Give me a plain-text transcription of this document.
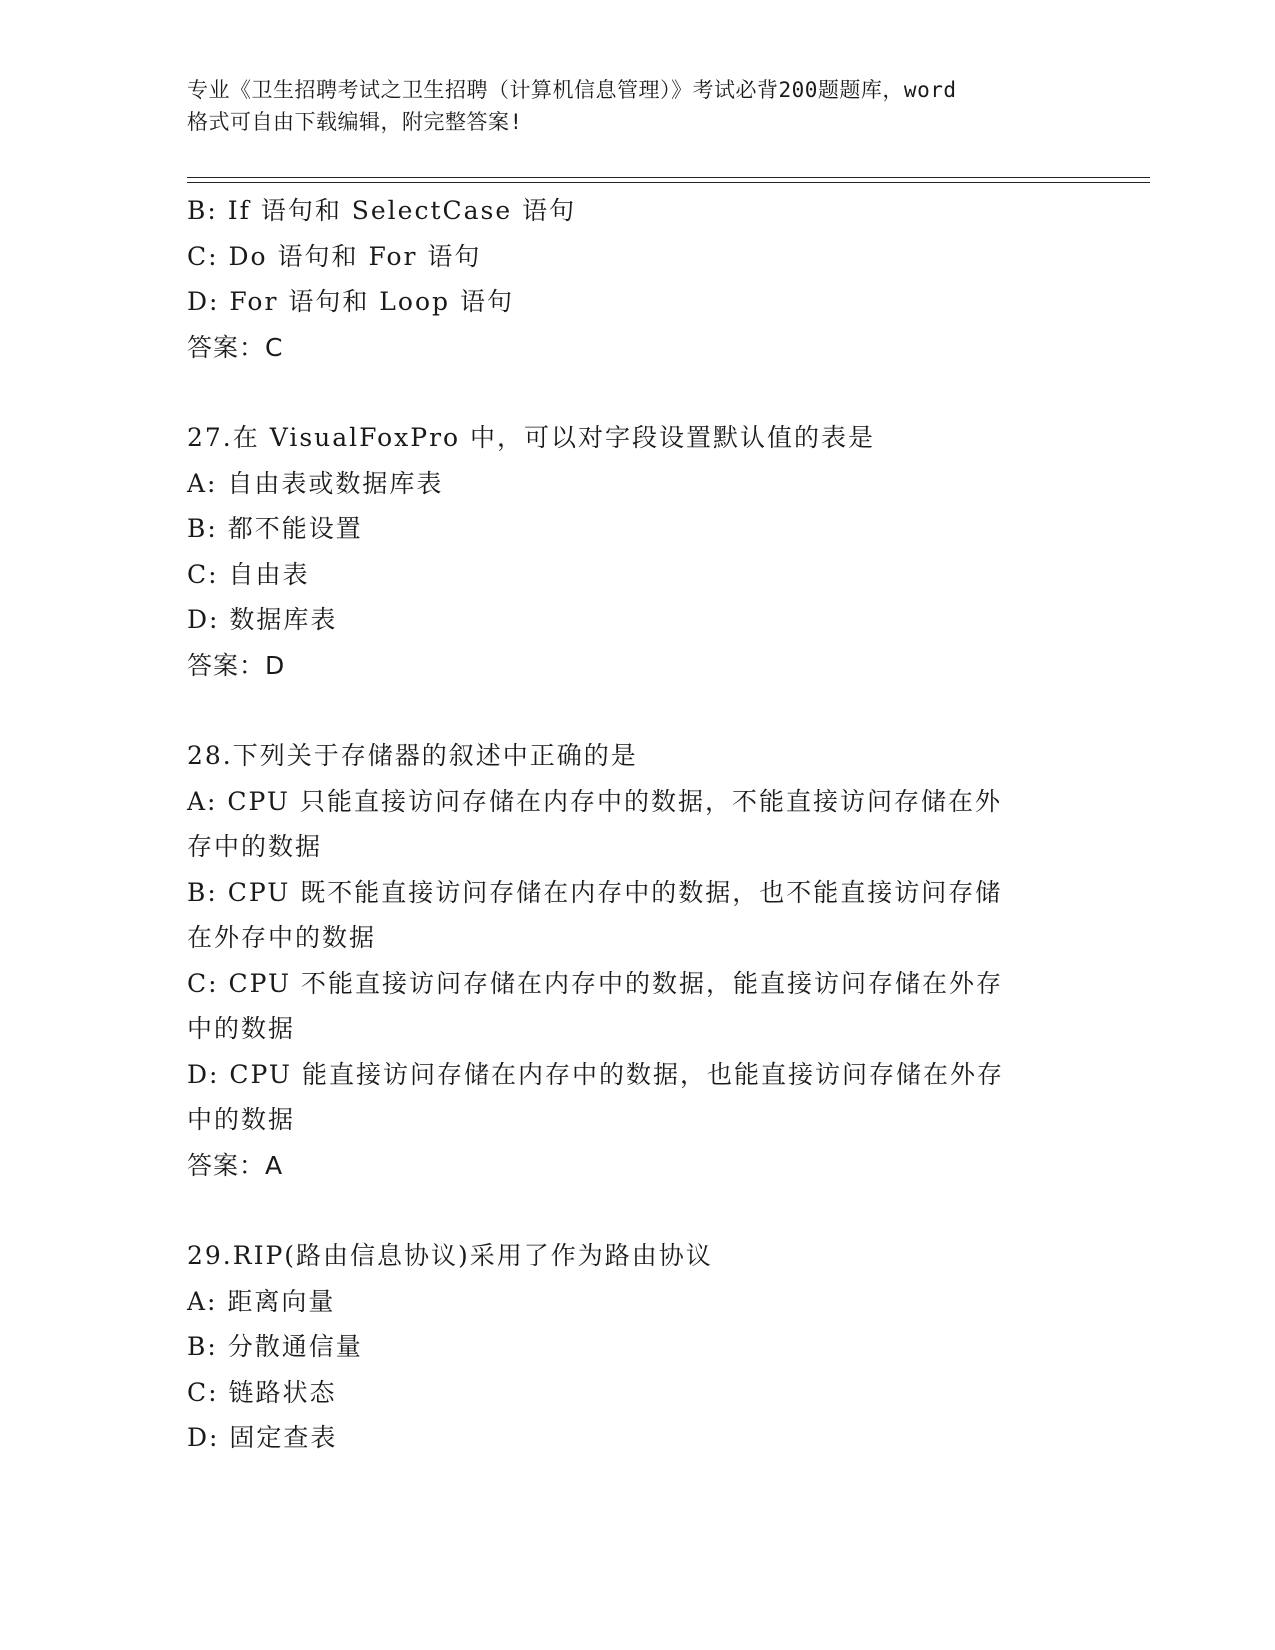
专业《卫生招聘考试之卫生招聘（计算机信息管理）》考试必背200题题库，word
格式可自由下载编辑，附完整答案!
B: If 语句和 SelectCase 语句
C: Do 语句和 For 语句
D: For 语句和 Loop 语句
答案：C
27.在 VisualFoxPro 中，可以对字段设置默认值的表是
A: 自由表或数据库表
B: 都不能设置
C: 自由表
D: 数据库表
答案：D
28.下列关于存储器的叙述中正确的是
A: CPU 只能直接访问存储在内存中的数据，不能直接访问存储在外存中的数据
B: CPU 既不能直接访问存储在内存中的数据，也不能直接访问存储在外存中的数据
C: CPU 不能直接访问存储在内存中的数据，能直接访问存储在外存中的数据
D: CPU 能直接访问存储在内存中的数据，也能直接访问存储在外存中的数据
答案：A
29.RIP(路由信息协议)采用了作为路由协议
A: 距离向量
B: 分散通信量
C: 链路状态
D: 固定查表
